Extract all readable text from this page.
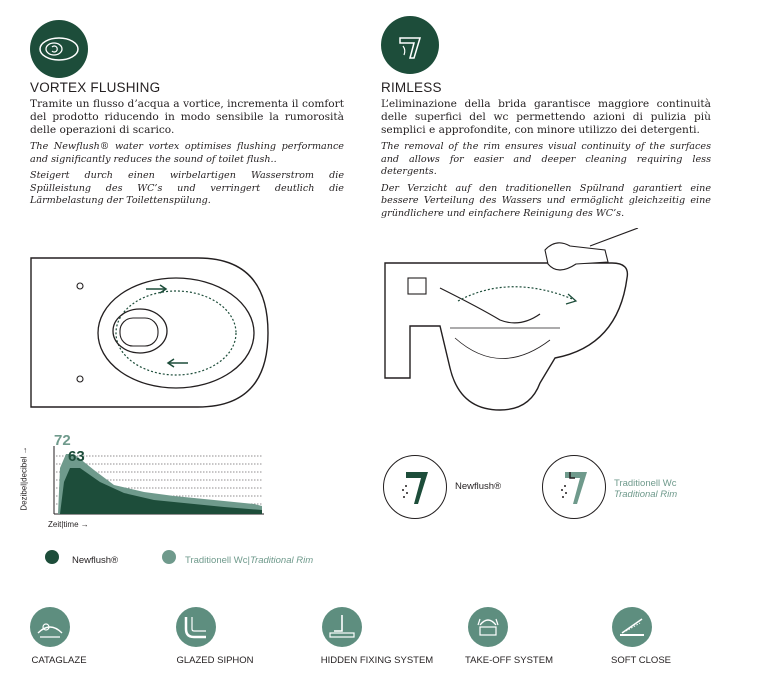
VORTEX FLUSHING

Tramite un flusso d’acqua a vortice, incrementa il comfort del prodotto riducendo in modo sensibile la rumorosità delle operazioni di scarico.

The Newflush® water vortex optimises flushing performance and significantly reduces the sound of toilet flush..

Steigert durch einen wirbelartigen Wasserstrom die Spülleistung des WC’s und verringert deutlich die Lärmbelastung der Toilettenspülung.

RIMLESS

L’eliminazione della brida garantisce maggiore continuità delle superfici del wc permettendo azioni di pulizia più semplici e approfondite, con minore utilizzo dei detergenti.

The removal of the rim ensures visual continuity of the surfaces and allows for easier and deeper cleaning requiring less detergents.

Der Verzicht auf den traditionellen Spülrand garantiert eine bessere Verteilung des Wassers und ermöglicht gleichzeitig eine gründlichere und einfachere Reinigung des WC’s.

Dezibel|decibel →
72
63
Zeit|time →
Newflush®	Traditionell Wc|Traditional Rim
Newflush®	Traditionell Wc
Traditional Rim
CATAGLAZE	GLAZED SIPHON	HIDDEN FIXING SYSTEM	TAKE-OFF SYSTEM	SOFT CLOSE
